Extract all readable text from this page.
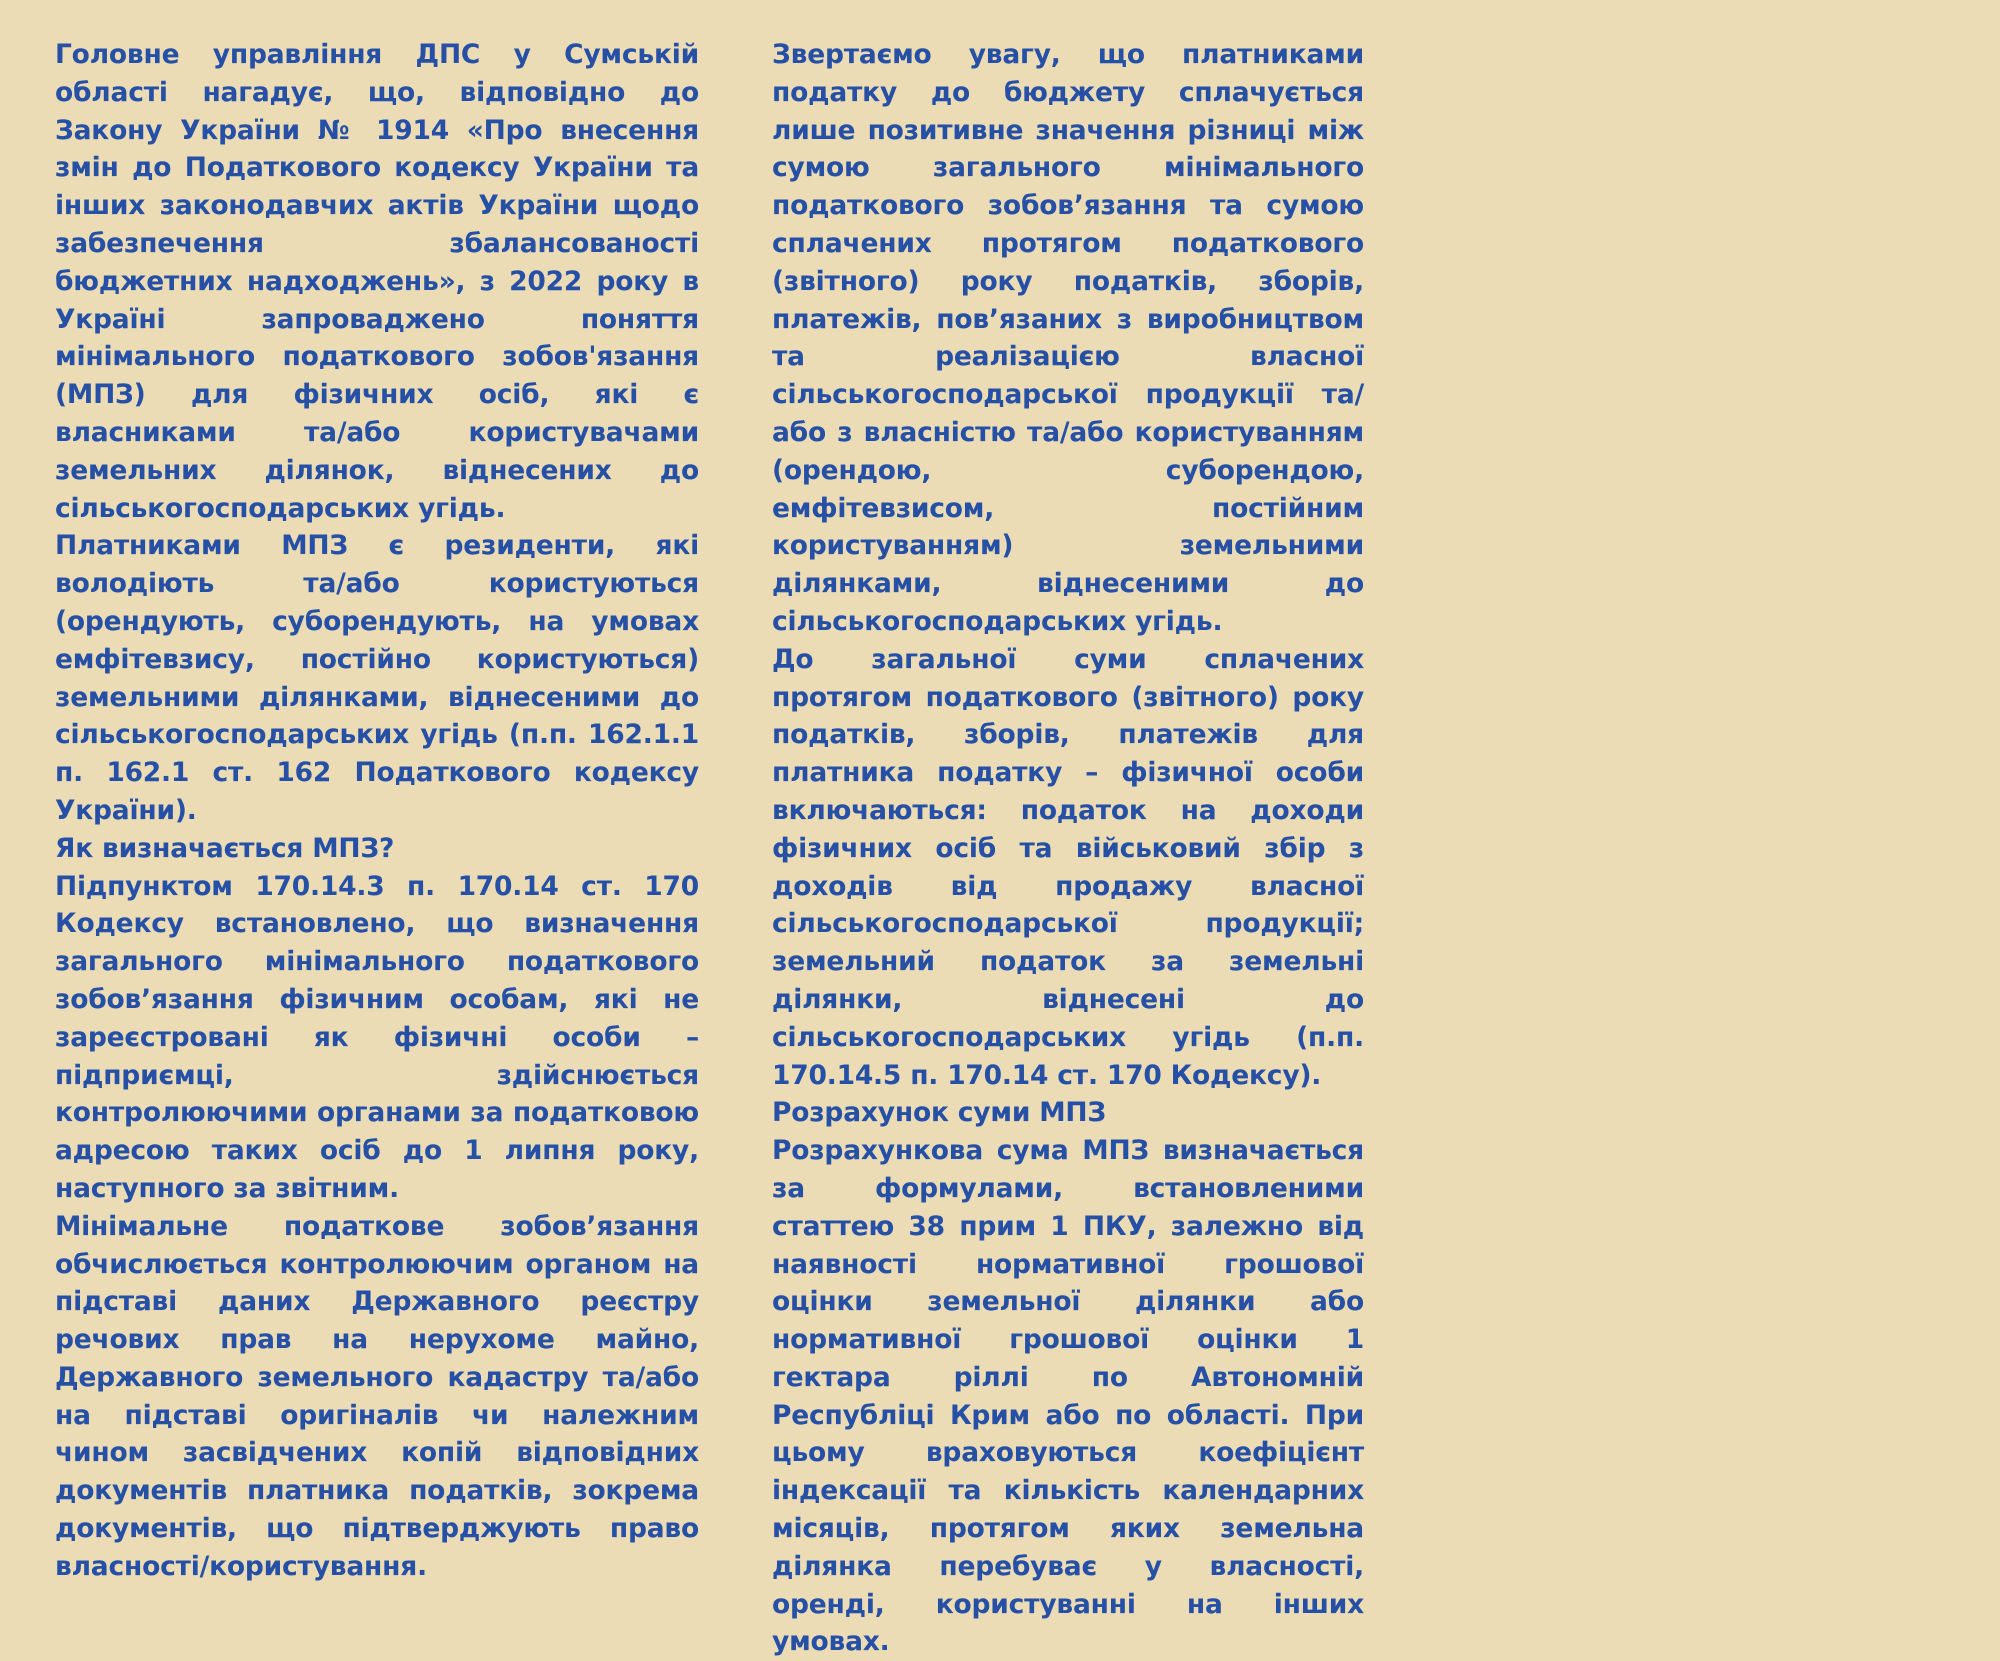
Головне управління ДПС у Сумській області нагадує, що, відповідно до Закону України № 1914 «Про внесення змін до Податкового кодексу України та інших законодавчих актів України щодо забезпечення збалансованості бюджетних надходжень», з 2022 року в Україні запроваджено поняття мінімального податкового зобов'язання (МПЗ) для фізичних осіб, які є власниками та/або користувачами земельних ділянок, віднесених до сільськогосподарських угідь.

Платниками МПЗ є резиденти, які володіють та/або користуються (орендують, суборендують, на умовах емфітевзису, постійно користуються) земельними ділянками, віднесеними до сільськогосподарських угідь (п.п. 162.1.1 п. 162.1 ст. 162 Податкового кодексу України).

Як визначається МПЗ?

Підпунктом 170.14.3 п. 170.14 ст. 170 Кодексу встановлено, що визначення загального мінімального податкового зобов’язання фізичним особам, які не зареєстровані як фізичні особи – підприємці, здійснюється контролюючими органами за податковою адресою таких осіб до 1 липня року, наступного за звітним.

Мінімальне податкове зобов’язання обчислюється контролюючим органом на підставі даних Державного реєстру речових прав на нерухоме майно, Державного земельного кадастру та/або на підставі оригіналів чи належним чином засвідчених копій відповідних документів платника податків, зокрема документів, що підтверджують право власності/користування.

Звертаємо увагу, що платниками податку до бюджету сплачується лише позитивне значення різниці між сумою загального мінімального податкового зобов’язання та сумою сплачених протягом податкового (звітного) року податків, зборів, платежів, пов’язаних з виробництвом та реалізацією власної сільськогосподарської продукції та/або з власністю та/або користуванням (орендою, суборендою, емфітевзисом, постійним користуванням) земельними ділянками, віднесеними до сільськогосподарських угідь.

До загальної суми сплачених протягом податкового (звітного) року податків, зборів, платежів для платника податку – фізичної особи включаються: податок на доходи фізичних осіб та військовий збір з доходів від продажу власної сільськогосподарської продукції; земельний податок за земельні ділянки, віднесені до сільськогосподарських угідь (п.п. 170.14.5 п. 170.14 ст. 170 Кодексу).

Розрахунок суми МПЗ

Розрахункова сума МПЗ визначається за формулами, встановленими статтею 38 прим 1 ПКУ, залежно від наявності нормативної грошової оцінки земельної ділянки або нормативної грошової оцінки 1 гектара ріллі по Автономній Республіці Крим або по області. При цьому враховуються коефіцієнт індексації та кількість календарних місяців, протягом яких земельна ділянка перебуває у власності, оренді, користуванні на інших умовах.
